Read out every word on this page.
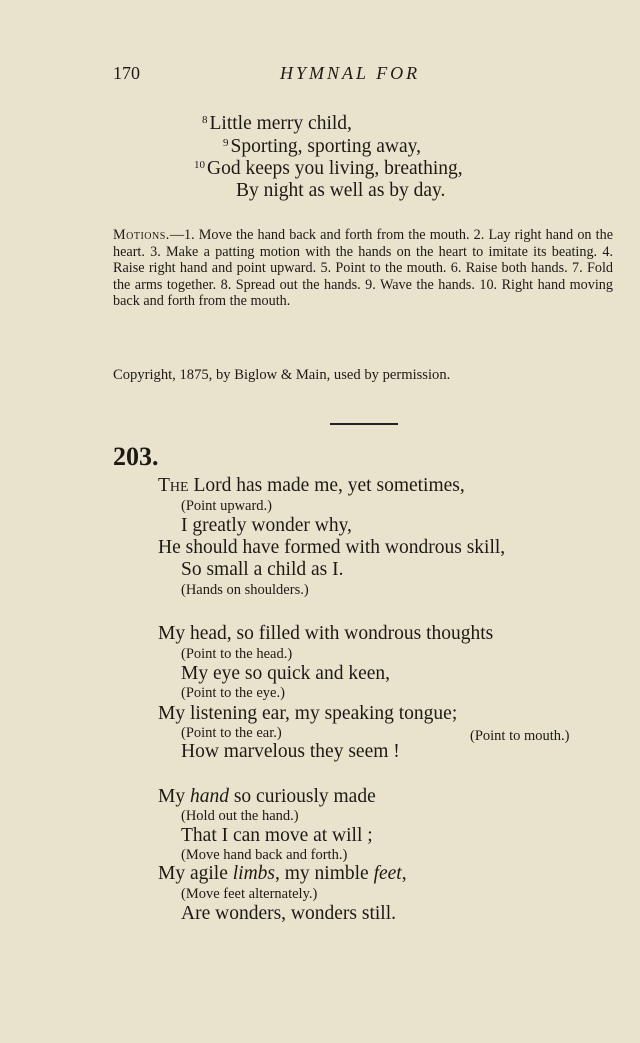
170	HYMNAL FOR
$^8$ Little merry child,
$^9$ Sporting, sporting away,
$^{10}$ God keeps you living, breathing,
By night as well as by day.
Motions.—1. Move the hand back and forth from the mouth. 2. Lay right hand on the heart. 3. Make a patting motion with the hands on the heart to imitate its beating. 4. Raise right hand and point upward. 5. Point to the mouth. 6. Raise both hands. 7. Fold the arms together. 8. Spread out the hands. 9. Wave the hands. 10. Right hand moving back and forth from the mouth.
Copyright, 1875, by Biglow & Main, used by permission.
203.
The Lord has made me, yet sometimes,
(Point upward.)
I greatly wonder why,
He should have formed with wondrous skill,
So small a child as I.
(Hands on shoulders.)
My head, so filled with wondrous thoughts
(Point to the head.)
My eye so quick and keen,
(Point to the eye.)
My listening ear, my speaking tongue;
(Point to the ear.)	(Point to mouth.)
How marvelous they seem !
My hand so curiously made
(Hold out the hand.)
That I can move at will ;
(Move hand back and forth.)
My agile limbs, my nimble feet,
(Move feet alternately.)
Are wonders, wonders still.
